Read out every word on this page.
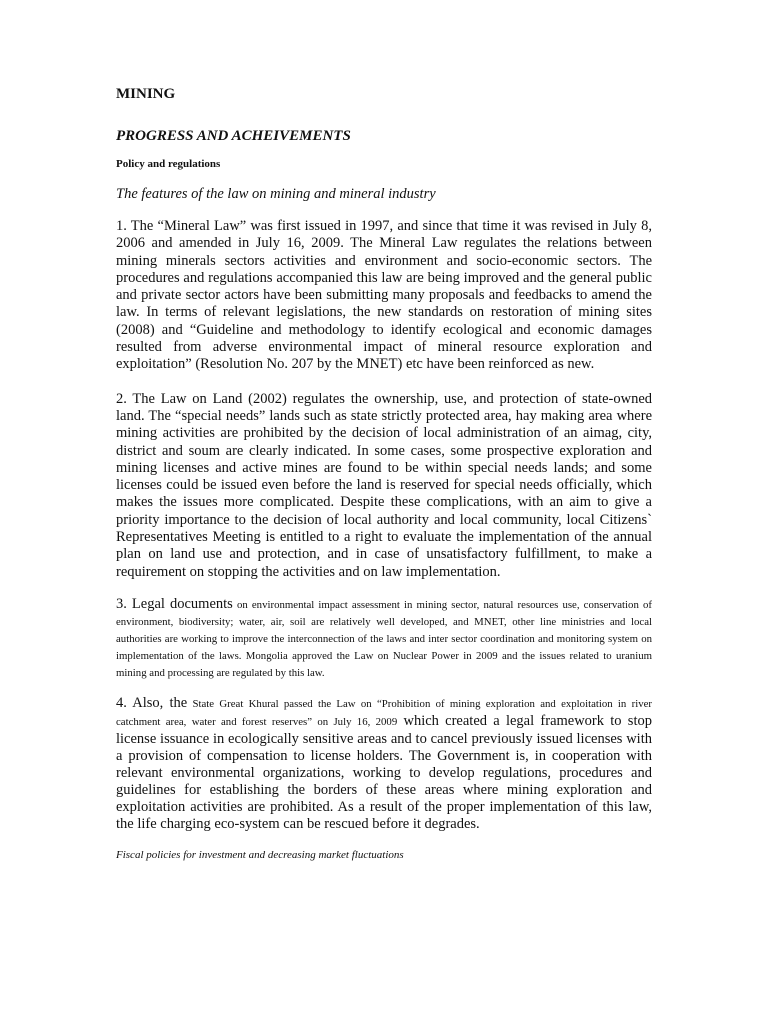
MINING
PROGRESS AND ACHEIVEMENTS
Policy and regulations

The features of the law on mining and mineral industry

1. The “Mineral Law” was first issued in 1997, and since that time it was revised in July 8, 2006 and amended in July 16, 2009. The Mineral Law regulates the relations between mining minerals sectors activities and environment and socio-economic sectors. The procedures and regulations accompanied this law are being improved and the general public and private sector actors have been submitting many proposals and feedbacks to amend the law. In terms of relevant legislations, the new standards on restoration of mining sites (2008) and “Guideline and methodology to identify ecological and economic damages resulted from adverse environmental impact of mineral resource exploration and exploitation” (Resolution No. 207 by the MNET) etc have been reinforced as new.

2. The Law on Land (2002) regulates the ownership, use, and protection of state-owned land. The “special needs” lands such as state strictly protected area, hay making area where mining activities are prohibited by the decision of local administration of an aimag, city, district and soum are clearly indicated. In some cases, some prospective exploration and mining licenses and active mines are found to be within special needs lands; and some licenses could be issued even before the land is reserved for special needs officially, which makes the issues more complicated. Despite these complications, with an aim to give a priority importance to the decision of local authority and local community, local Citizens` Representatives Meeting is entitled to a right to evaluate the implementation of the annual plan on land use and protection, and in case of unsatisfactory fulfillment, to make a requirement on stopping the activities and on law implementation.

3. Legal documents on environmental impact assessment in mining sector, natural resources use, conservation of environment, biodiversity; water, air, soil are relatively well developed, and MNET, other line ministries and local authorities are working to improve the interconnection of the laws and inter sector coordination and monitoring system on implementation of the laws. Mongolia approved the Law on Nuclear Power in 2009 and the issues related to uranium mining and processing are regulated by this law.

4. Also, the State Great Khural passed the Law on “Prohibition of mining exploration and exploitation in river catchment area, water and forest reserves” on July 16, 2009 which created a legal framework to stop license issuance in ecologically sensitive areas and to cancel previously issued licenses with a provision of compensation to license holders. The Government is, in cooperation with relevant environmental organizations, working to develop regulations, procedures and guidelines for establishing the borders of these areas where mining exploration and exploitation activities are prohibited. As a result of the proper implementation of this law, the life charging eco-system can be rescued before it degrades.

Fiscal policies for investment and decreasing market fluctuations
